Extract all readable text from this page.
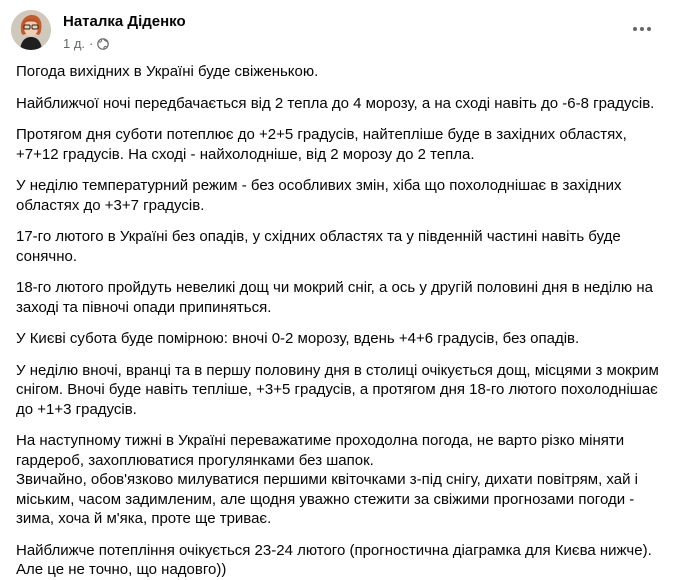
Наталка Діденко
1 д. ·

Погода вихідних в Україні буде свіженькою.

Найближчої ночі передбачається від 2 тепла до 4 морозу, а на сході навіть до -6-8 градусів.

Протягом дня суботи потеплює до +2+5 градусів, найтепліше буде в західних областях, +7+12 градусів. На сході - найхолодніше, від 2 морозу до 2 тепла.

У неділю температурний режим - без особливих змін, хіба що похолоднішає в західних областях до +3+7 градусів.

17-го лютого в Україні без опадів, у східних областях та у південній частині навіть буде сонячно.

18-го лютого пройдуть невеликі дощ чи мокрий сніг, а ось у другій половині дня в неділю на заході та півночі опади припиняться.

У Києві субота буде помірною: вночі 0-2 морозу, вдень +4+6 градусів, без опадів.

У неділю вночі, вранці та в першу половину дня в столиці очікується дощ, місцями з мокрим снігом. Вночі буде навіть тепліше, +3+5 градусів, а протягом дня 18-го лютого похолоднішає до +1+3 градусів.

На наступному тижні в Україні переважатиме проходолна погода, не варто різко міняти гардероб, захоплюватися прогулянками без шапок.

Звичайно, обов'язково милуватися першими квіточками з-під снігу, дихати повітрям, хай і міським, часом задимленим, але щодня уважно стежити за свіжими прогнозами погоди - зима, хоча й м'яка, проте ще триває.

Найближче потепління очікується 23-24 лютого (прогностична діаграмка для Києва нижче).

Але це не точно, що надовго))
